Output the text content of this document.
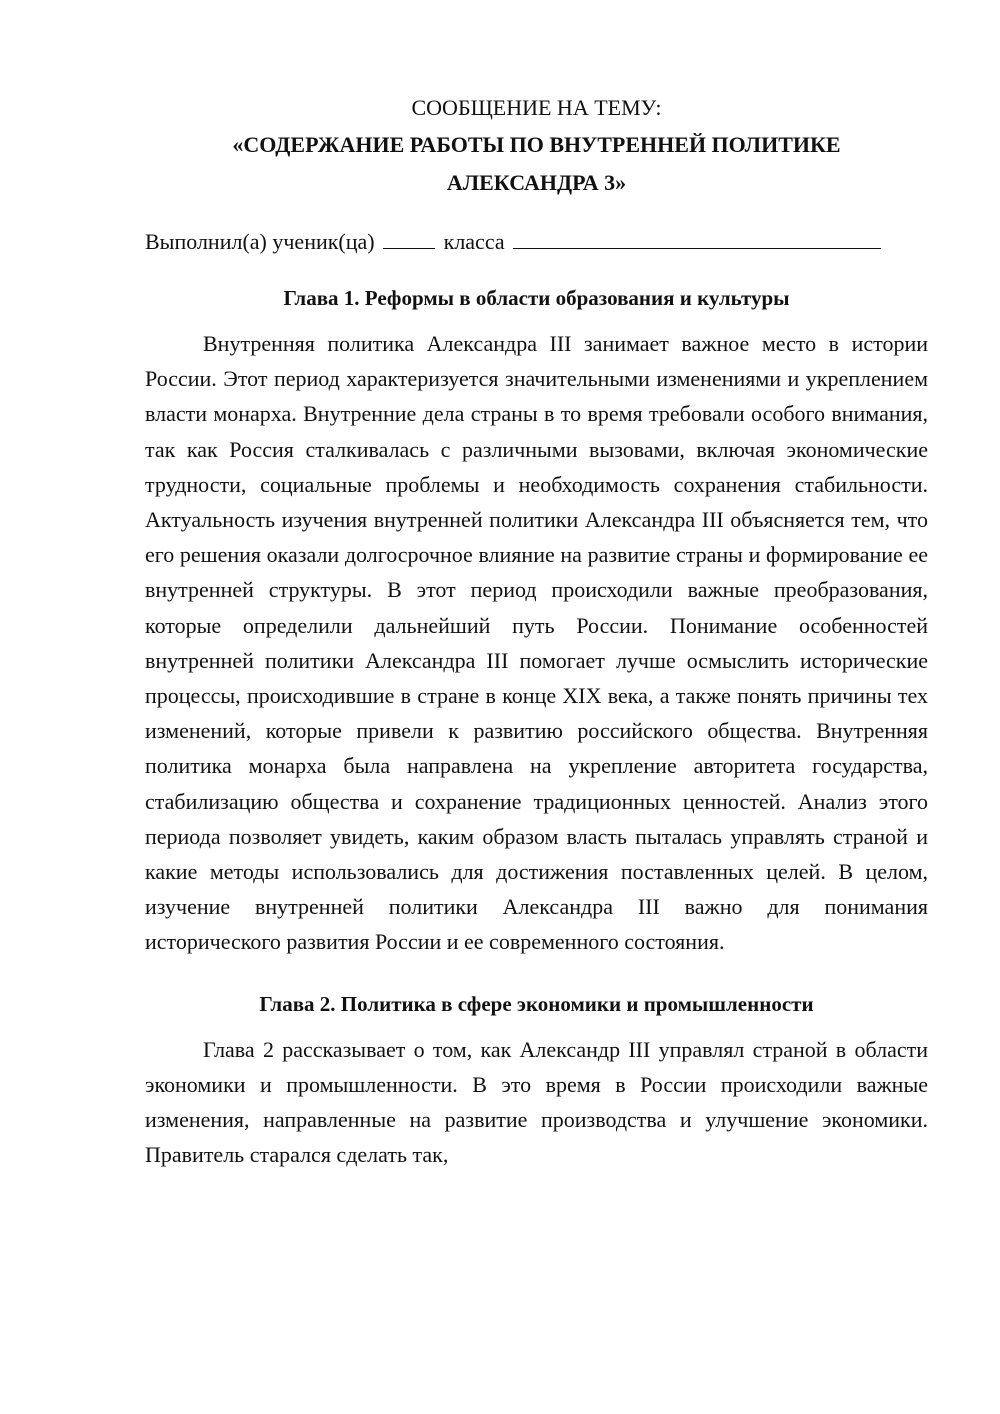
СООБЩЕНИЕ НА ТЕМУ:

«СОДЕРЖАНИЕ РАБОТЫ ПО ВНУТРЕННЕЙ ПОЛИТИКЕ
АЛЕКСАНДРА 3»
Выполнил(а) ученик(ца)	класса
Глава 1. Реформы в области образования и культуры

Внутренняя политика Александра III занимает важное место в истории России. Этот период характеризуется значительными изменениями и укреплением власти монарха. Внутренние дела страны в то время требовали особого внимания, так как Россия сталкивалась с различными вызовами, включая экономические трудности, социальные проблемы и необходимость сохранения стабильности. Актуальность изучения внутренней политики Александра III объясняется тем, что его решения оказали долгосрочное влияние на развитие страны и формирование ее внутренней структуры. В этот период происходили важные преобразования, которые определили дальнейший путь России. Понимание особенностей внутренней политики Александра III помогает лучше осмыслить исторические процессы, происходившие в стране в конце XIX века, а также понять причины тех изменений, которые привели к развитию российского общества. Внутренняя политика монарха была направлена на укрепление авторитета государства, стабилизацию общества и сохранение традиционных ценностей. Анализ этого периода позволяет увидеть, каким образом власть пыталась управлять страной и какие методы использовались для достижения поставленных целей. В целом, изучение внутренней политики Александра III важно для понимания исторического развития России и ее современного состояния.

Глава 2. Политика в сфере экономики и промышленности

Глава 2 рассказывает о том, как Александр III управлял страной в области экономики и промышленности. В это время в России происходили важные изменения, направленные на развитие производства и улучшение экономики. Правитель старался сделать так,
